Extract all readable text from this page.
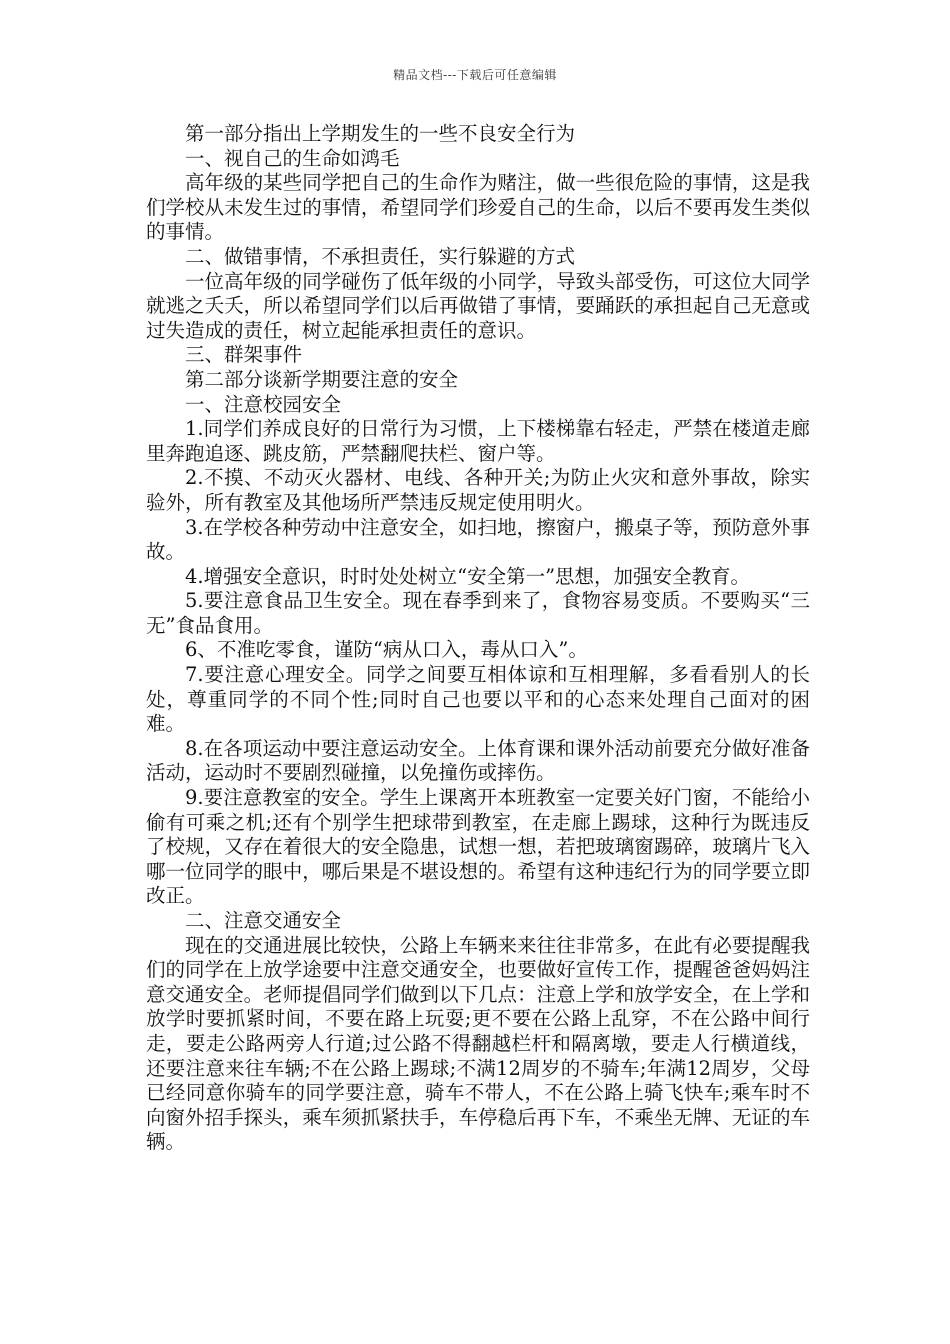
精品文档---下载后可任意编辑

第一部分指出上学期发生的一些不良安全行为

一、视自己的生命如鸿毛

高年级的某些同学把自己的生命作为赌注，做一些很危险的事情，这是我们学校从未发生过的事情，希望同学们珍爱自己的生命，以后不要再发生类似的事情。

二、做错事情，不承担责任，实行躲避的方式

一位高年级的同学碰伤了低年级的小同学，导致头部受伤，可这位大同学就逃之夭夭，所以希望同学们以后再做错了事情，要踊跃的承担起自己无意或过失造成的责任，树立起能承担责任的意识。

三、群架事件

第二部分谈新学期要注意的安全

一、注意校园安全

1.同学们养成良好的日常行为习惯，上下楼梯靠右轻走，严禁在楼道走廊里奔跑追逐、跳皮筋，严禁翻爬扶栏、窗户等。

2.不摸、不动灭火器材、电线、各种开关;为防止火灾和意外事故，除实验外，所有教室及其他场所严禁违反规定使用明火。

3.在学校各种劳动中注意安全，如扫地，擦窗户，搬桌子等，预防意外事故。

4.增强安全意识，时时处处树立“安全第一”思想，加强安全教育。

5.要注意食品卫生安全。现在春季到来了，食物容易变质。不要购买“三无”食品食用。

6、不准吃零食，谨防“病从口入，毒从口入”。

7.要注意心理安全。同学之间要互相体谅和互相理解，多看看别人的长处，尊重同学的不同个性;同时自己也要以平和的心态来处理自己面对的困难。

8.在各项运动中要注意运动安全。上体育课和课外活动前要充分做好准备活动，运动时不要剧烈碰撞，以免撞伤或摔伤。

9.要注意教室的安全。学生上课离开本班教室一定要关好门窗，不能给小偷有可乘之机;还有个别学生把球带到教室，在走廊上踢球，这种行为既违反了校规，又存在着很大的安全隐患，试想一想，若把玻璃窗踢碎，玻璃片飞入哪一位同学的眼中，哪后果是不堪设想的。希望有这种违纪行为的同学要立即改正。

二、注意交通安全

现在的交通进展比较快，公路上车辆来来往往非常多，在此有必要提醒我们的同学在上放学途要中注意交通安全，也要做好宣传工作，提醒爸爸妈妈注意交通安全。老师提倡同学们做到以下几点：注意上学和放学安全，在上学和放学时要抓紧时间，不要在路上玩耍;更不要在公路上乱穿，不在公路中间行走，要走公路两旁人行道;过公路不得翻越栏杆和隔离墩，要走人行横道线，还要注意来往车辆;不在公路上踢球;不满12周岁的不骑车;年满12周岁，父母已经同意你骑车的同学要注意，骑车不带人，不在公路上骑飞快车;乘车时不向窗外招手探头，乘车须抓紧扶手，车停稳后再下车，不乘坐无牌、无证的车辆。
